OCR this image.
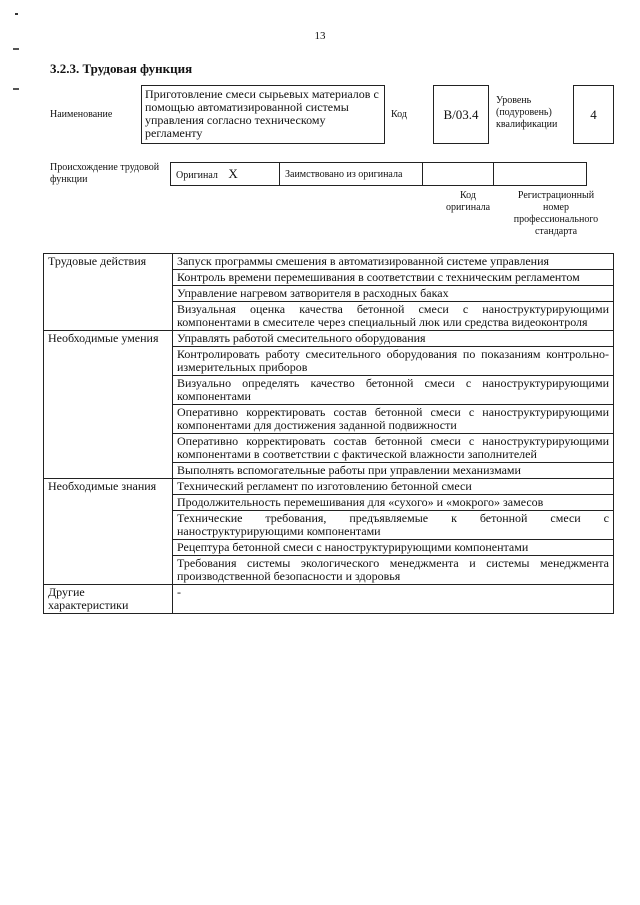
13
3.2.3. Трудовая функция
Наименование
Приготовление смеси сырьевых материалов с помощью автоматизированной системы управления согласно техническому регламенту
Код	B/03.4
Уровень (подуровень) квалификации
4
Происхождение трудовой функции	Оригинал X	Заимствовано из оригинала		
Код оригинала
Регистрационный номер профессионального стандарта
Трудовые действия	Запуск программы смешения в автоматизированной системе управления
	Контроль времени перемешивания в соответствии с техническим регламентом
	Управление нагревом затворителя в расходных баках
	Визуальная оценка качества бетонной смеси с наноструктурирующими компонентами в смесителе через специальный люк или средства видеоконтроля
Необходимые умения	Управлять работой смесительного оборудования
	Контролировать работу смесительного оборудования по показаниям контрольно-измерительных приборов
	Визуально определять качество бетонной смеси с наноструктурирующими компонентами
	Оперативно корректировать состав бетонной смеси с наноструктурирующими компонентами для достижения заданной подвижности
	Оперативно корректировать состав бетонной смеси с наноструктурирующими компонентами в соответствии с фактической влажности заполнителей
	Выполнять вспомогательные работы при управлении механизмами
Необходимые знания	Технический регламент по изготовлению бетонной смеси
	Продолжительность перемешивания для «сухого» и «мокрого» замесов
	Технические требования, предъявляемые к бетонной смеси с наноструктурирующими компонентами
	Рецептура бетонной смеси с наноструктурирующими компонентами
	Требования системы экологического менеджмента и системы менеджмента производственной безопасности и здоровья
Другие характеристики	-
